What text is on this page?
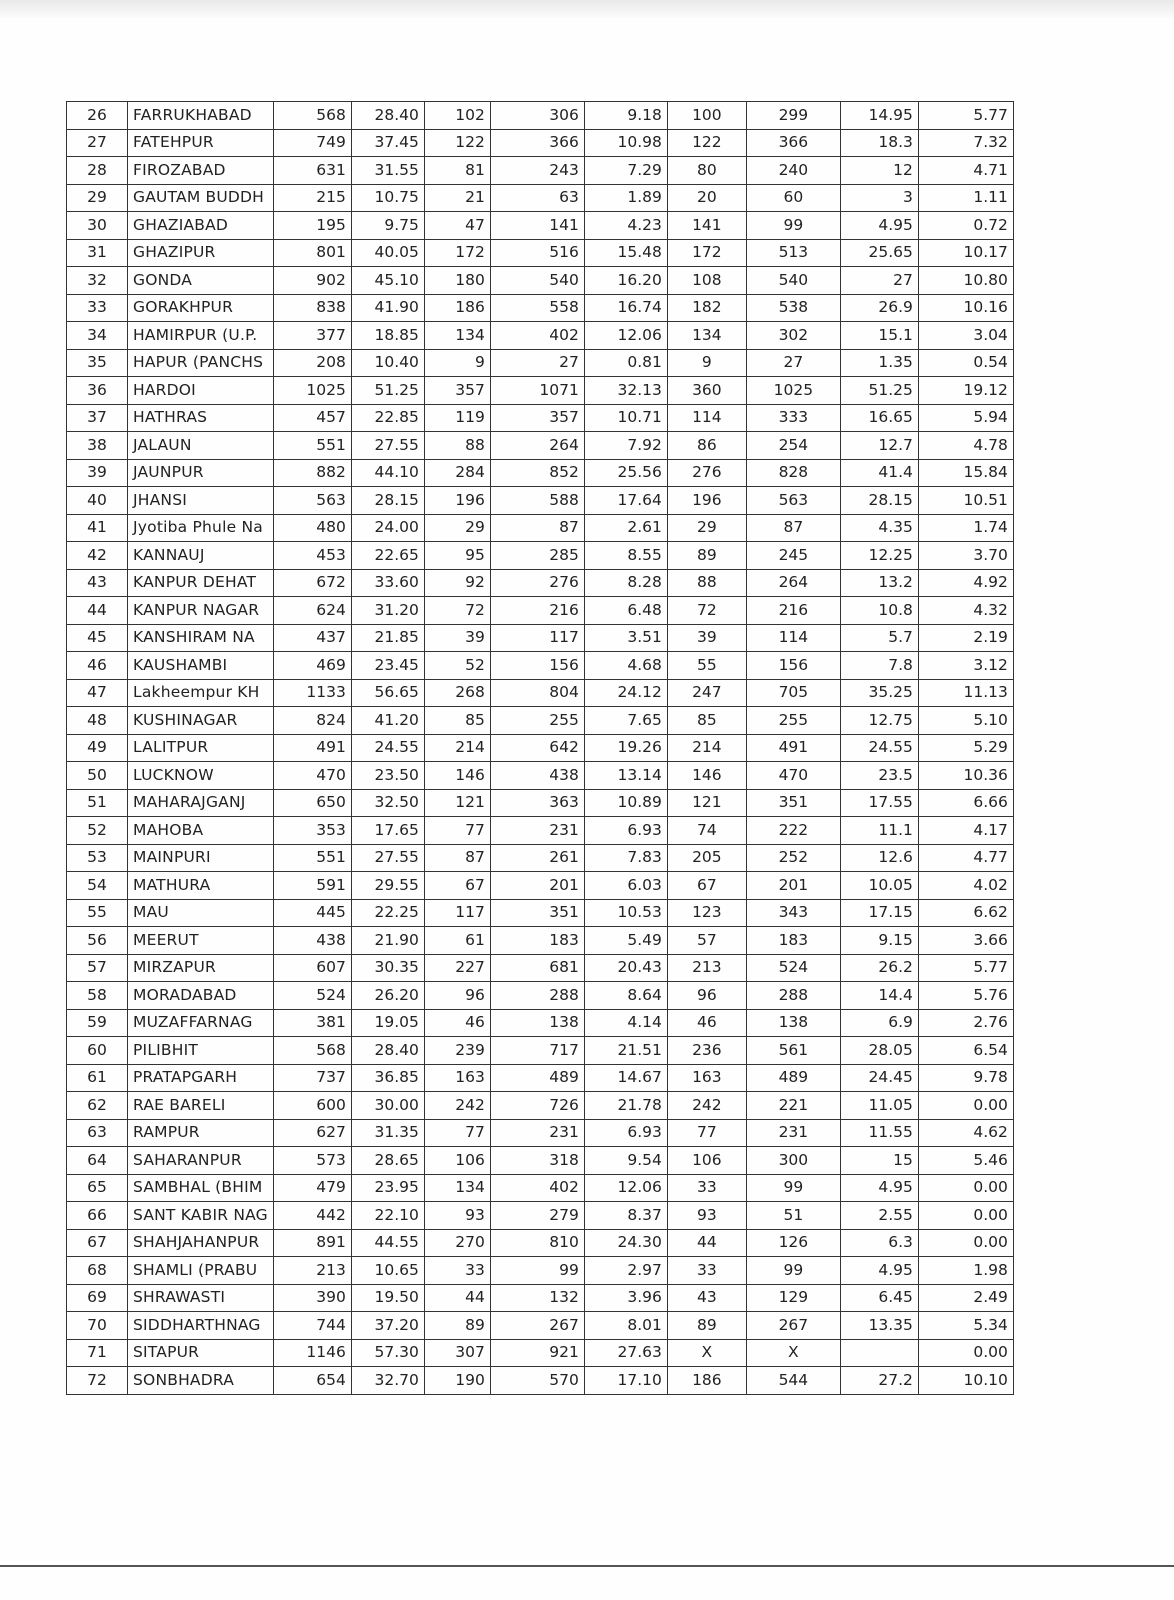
26	FARRUKHABAD	568	28.40	102	306	9.18	100	299	14.95	5.77
27	FATEHPUR	749	37.45	122	366	10.98	122	366	18.3	7.32
28	FIROZABAD	631	31.55	81	243	7.29	80	240	12	4.71
29	GAUTAM BUDDH	215	10.75	21	63	1.89	20	60	3	1.11
30	GHAZIABAD	195	9.75	47	141	4.23	141	99	4.95	0.72
31	GHAZIPUR	801	40.05	172	516	15.48	172	513	25.65	10.17
32	GONDA	902	45.10	180	540	16.20	108	540	27	10.80
33	GORAKHPUR	838	41.90	186	558	16.74	182	538	26.9	10.16
34	HAMIRPUR (U.P.	377	18.85	134	402	12.06	134	302	15.1	3.04
35	HAPUR (PANCHS	208	10.40	9	27	0.81	9	27	1.35	0.54
36	HARDOI	1025	51.25	357	1071	32.13	360	1025	51.25	19.12
37	HATHRAS	457	22.85	119	357	10.71	114	333	16.65	5.94
38	JALAUN	551	27.55	88	264	7.92	86	254	12.7	4.78
39	JAUNPUR	882	44.10	284	852	25.56	276	828	41.4	15.84
40	JHANSI	563	28.15	196	588	17.64	196	563	28.15	10.51
41	Jyotiba Phule Na	480	24.00	29	87	2.61	29	87	4.35	1.74
42	KANNAUJ	453	22.65	95	285	8.55	89	245	12.25	3.70
43	KANPUR DEHAT	672	33.60	92	276	8.28	88	264	13.2	4.92
44	KANPUR NAGAR	624	31.20	72	216	6.48	72	216	10.8	4.32
45	KANSHIRAM NA	437	21.85	39	117	3.51	39	114	5.7	2.19
46	KAUSHAMBI	469	23.45	52	156	4.68	55	156	7.8	3.12
47	Lakheempur KH	1133	56.65	268	804	24.12	247	705	35.25	11.13
48	KUSHINAGAR	824	41.20	85	255	7.65	85	255	12.75	5.10
49	LALITPUR	491	24.55	214	642	19.26	214	491	24.55	5.29
50	LUCKNOW	470	23.50	146	438	13.14	146	470	23.5	10.36
51	MAHARAJGANJ	650	32.50	121	363	10.89	121	351	17.55	6.66
52	MAHOBA	353	17.65	77	231	6.93	74	222	11.1	4.17
53	MAINPURI	551	27.55	87	261	7.83	205	252	12.6	4.77
54	MATHURA	591	29.55	67	201	6.03	67	201	10.05	4.02
55	MAU	445	22.25	117	351	10.53	123	343	17.15	6.62
56	MEERUT	438	21.90	61	183	5.49	57	183	9.15	3.66
57	MIRZAPUR	607	30.35	227	681	20.43	213	524	26.2	5.77
58	MORADABAD	524	26.20	96	288	8.64	96	288	14.4	5.76
59	MUZAFFARNAG	381	19.05	46	138	4.14	46	138	6.9	2.76
60	PILIBHIT	568	28.40	239	717	21.51	236	561	28.05	6.54
61	PRATAPGARH	737	36.85	163	489	14.67	163	489	24.45	9.78
62	RAE BARELI	600	30.00	242	726	21.78	242	221	11.05	0.00
63	RAMPUR	627	31.35	77	231	6.93	77	231	11.55	4.62
64	SAHARANPUR	573	28.65	106	318	9.54	106	300	15	5.46
65	SAMBHAL (BHIM	479	23.95	134	402	12.06	33	99	4.95	0.00
66	SANT KABIR NAG	442	22.10	93	279	8.37	93	51	2.55	0.00
67	SHAHJAHANPUR	891	44.55	270	810	24.30	44	126	6.3	0.00
68	SHAMLI (PRABU	213	10.65	33	99	2.97	33	99	4.95	1.98
69	SHRAWASTI	390	19.50	44	132	3.96	43	129	6.45	2.49
70	SIDDHARTHNAG	744	37.20	89	267	8.01	89	267	13.35	5.34
71	SITAPUR	1146	57.30	307	921	27.63	X	X		0.00
72	SONBHADRA	654	32.70	190	570	17.10	186	544	27.2	10.10
